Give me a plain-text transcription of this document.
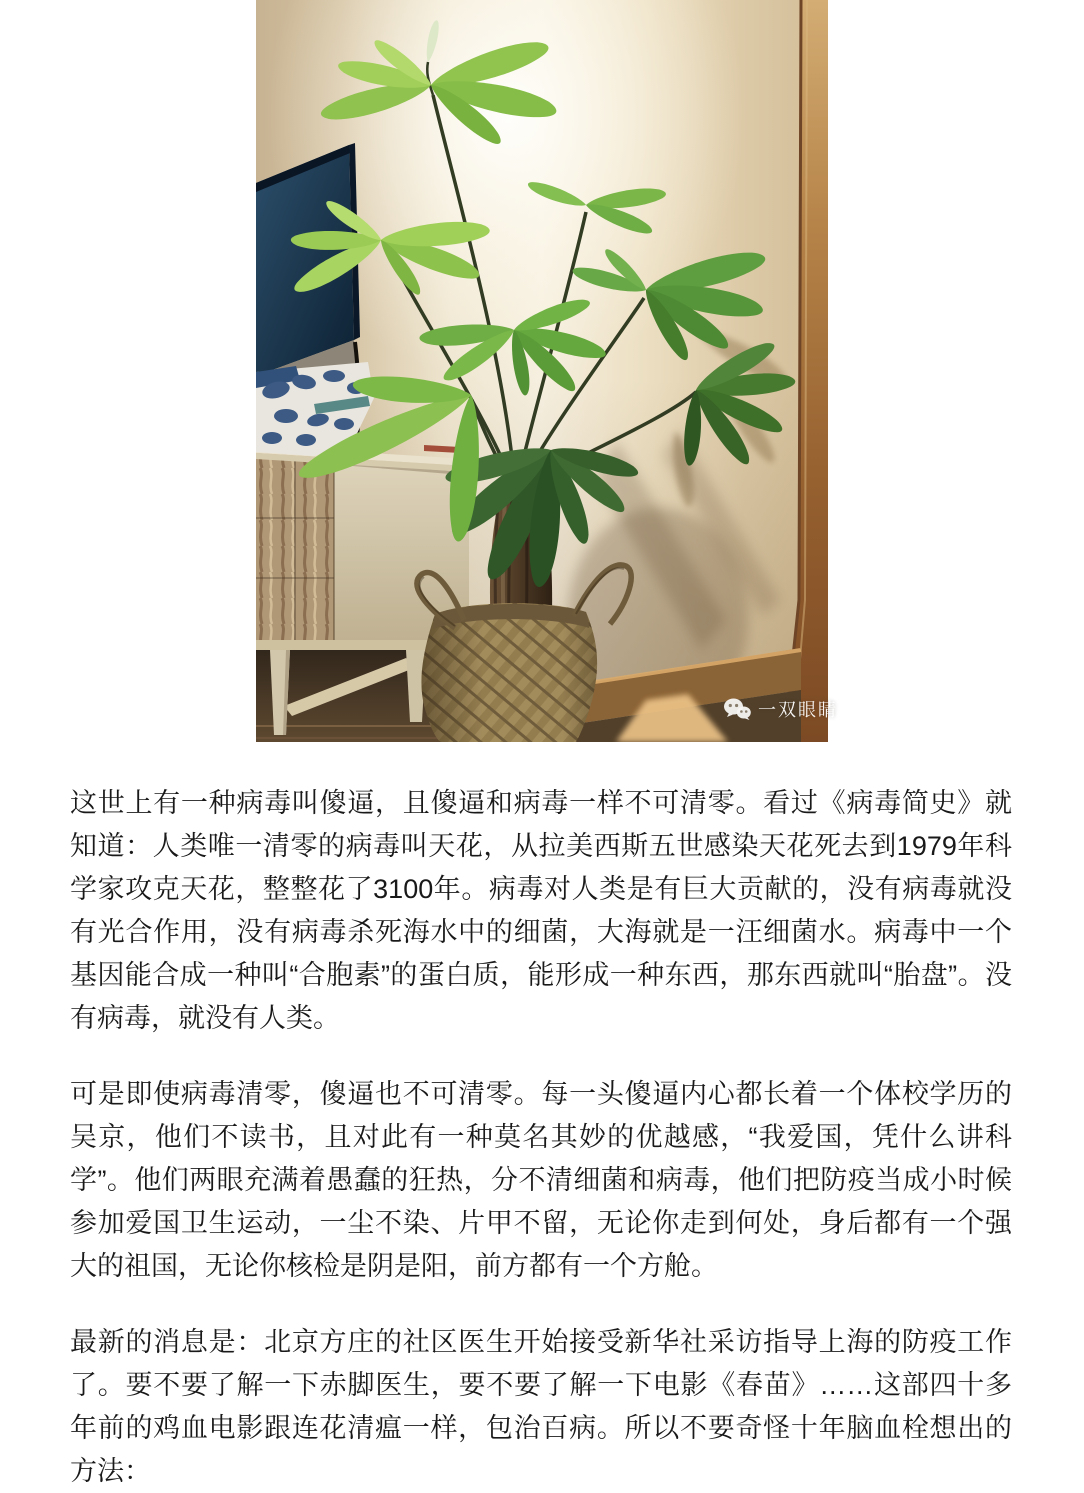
一双眼睛

这世上有一种病毒叫傻逼，且傻逼和病毒一样不可清零。看过《病毒简史》就知道：人类唯一清零的病毒叫天花，从拉美西斯五世感染天花死去到1979年科学家攻克天花，整整花了3100年。病毒对人类是有巨大贡献的，没有病毒就没有光合作用，没有病毒杀死海水中的细菌，大海就是一汪细菌水。病毒中一个基因能合成一种叫“合胞素”的蛋白质，能形成一种东西，那东西就叫“胎盘”。没有病毒，就没有人类。

可是即使病毒清零，傻逼也不可清零。每一头傻逼内心都长着一个体校学历的吴京，他们不读书，且对此有一种莫名其妙的优越感，“我爱国，凭什么讲科学”。他们两眼充满着愚蠢的狂热，分不清细菌和病毒，他们把防疫当成小时候参加爱国卫生运动，一尘不染、片甲不留，无论你走到何处，身后都有一个强大的祖国，无论你核检是阴是阳，前方都有一个方舱。

最新的消息是：北京方庄的社区医生开始接受新华社采访指导上海的防疫工作了。要不要了解一下赤脚医生，要不要了解一下电影《春苗》……这部四十多年前的鸡血电影跟连花清瘟一样，包治百病。所以不要奇怪十年脑血栓想出的方法：
